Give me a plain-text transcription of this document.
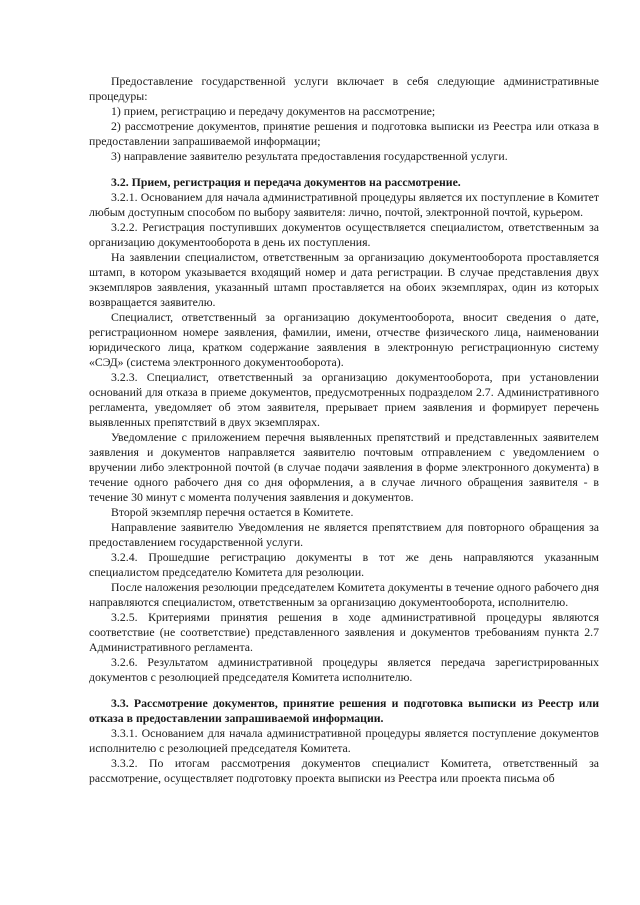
Предоставление государственной услуги включает в себя следующие административные процедуры:

1) прием, регистрацию и передачу документов на рассмотрение;

2) рассмотрение документов, принятие решения и подготовка выписки из Реестра или отказа в предоставлении запрашиваемой информации;

3) направление заявителю результата предоставления государственной услуги.

3.2. Прием, регистрация и передача документов на рассмотрение.

3.2.1. Основанием для начала административной процедуры является их поступление в Комитет любым доступным способом по выбору заявителя: лично, почтой, электронной почтой, курьером.

3.2.2. Регистрация поступивших документов осуществляется специалистом, ответственным за организацию документооборота в день их поступления.

На заявлении специалистом, ответственным за организацию документооборота проставляется штамп, в котором указывается входящий номер и дата регистрации. В случае представления двух экземпляров заявления, указанный штамп проставляется на обоих экземплярах, один из которых возвращается заявителю.

Специалист, ответственный за организацию документооборота, вносит сведения о дате, регистрационном номере заявления, фамилии, имени, отчестве физического лица, наименовании юридического лица, кратком содержание заявления в электронную регистрационную систему «СЭД» (система электронного документооборота).

3.2.3. Специалист, ответственный за организацию документооборота, при установлении оснований для отказа в приеме документов, предусмотренных подразделом 2.7. Административного регламента, уведомляет об этом заявителя, прерывает прием заявления и формирует перечень выявленных препятствий в двух экземплярах.

Уведомление с приложением перечня выявленных препятствий и представленных заявителем заявления и документов направляется заявителю почтовым отправлением с уведомлением о вручении либо электронной почтой (в случае подачи заявления в форме электронного документа) в течение одного рабочего дня со дня оформления, а в случае личного обращения заявителя - в течение 30 минут с момента получения заявления и документов.

Второй экземпляр перечня остается в Комитете.

Направление заявителю Уведомления не является препятствием для повторного обращения за предоставлением государственной услуги.

3.2.4. Прошедшие регистрацию документы в тот же день направляются указанным специалистом председателю Комитета для резолюции.

После наложения резолюции председателем Комитета документы в течение одного рабочего дня направляются специалистом, ответственным за организацию документооборота, исполнителю.

3.2.5. Критериями принятия решения в ходе административной процедуры являются соответствие (не соответствие) представленного заявления и документов требованиям пункта 2.7 Административного регламента.

3.2.6. Результатом административной процедуры является передача зарегистрированных документов с резолюцией председателя Комитета исполнителю.

3.3. Рассмотрение документов, принятие решения и подготовка выписки из Реестр или отказа в предоставлении запрашиваемой информации.

3.3.1. Основанием для начала административной процедуры является поступление документов исполнителю с резолюцией председателя Комитета.

3.3.2. По итогам рассмотрения документов специалист Комитета, ответственный за рассмотрение, осуществляет подготовку проекта выписки из Реестра или проекта письма об
